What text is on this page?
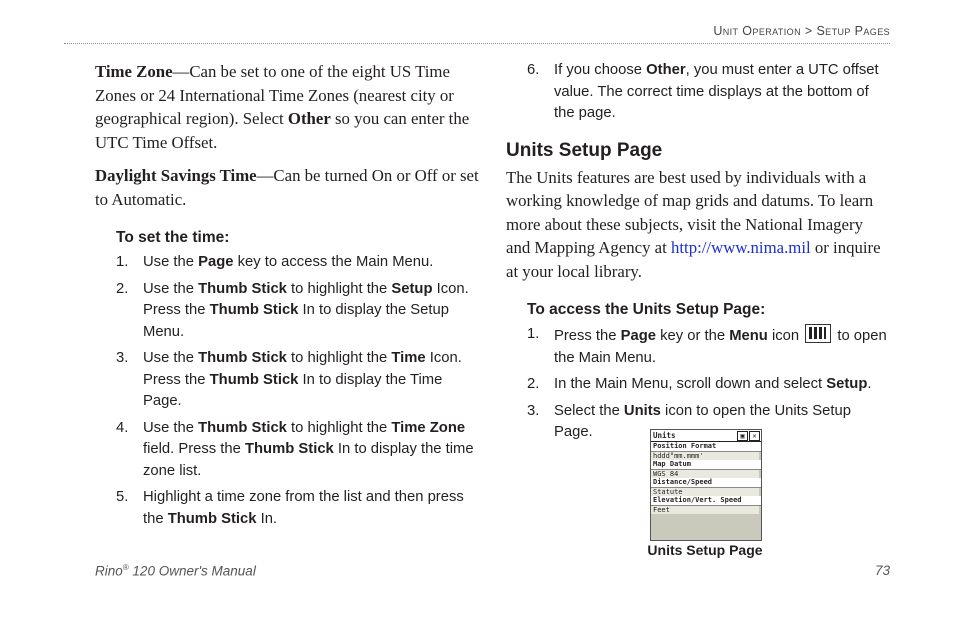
Unit Operation > Setup Pages

Time Zone—Can be set to one of the eight US Time Zones or 24 International Time Zones (nearest city or geographical region). Select Other so you can enter the UTC Time Offset.

Daylight Savings Time—Can be turned On or Off or set to Automatic.

To set the time:
1. Use the Page key to access the Main Menu.
2. Use the Thumb Stick to highlight the Setup Icon. Press the Thumb Stick In to display the Setup Menu.
3. Use the Thumb Stick to highlight the Time Icon. Press the Thumb Stick In to display the Time Page.
4. Use the Thumb Stick to highlight the Time Zone field. Press the Thumb Stick In to display the time zone list.
5. Highlight a time zone from the list and then press the Thumb Stick In.
6. If you choose Other, you must enter a UTC offset value. The correct time displays at the bottom of the page.
Units Setup Page

The Units features are best used by individuals with a working knowledge of map grids and datums. To learn more about these subjects, visit the National Imagery and Mapping Agency at http://www.nima.mil or inquire at your local library.

To access the Units Setup Page:
1. Press the Page key or the Menu icon  to open the Main Menu.
2. In the Main Menu, scroll down and select Setup.
3. Select the Units icon to open the Units Setup Page.	Units	▣	✕
Position Format
hddd°mm.mmm'
Map Datum
WGS 84
Distance/Speed
Statute
Elevation/Vert. Speed
Feet
Units Setup Page
Rino® 120 Owner's Manual	73
